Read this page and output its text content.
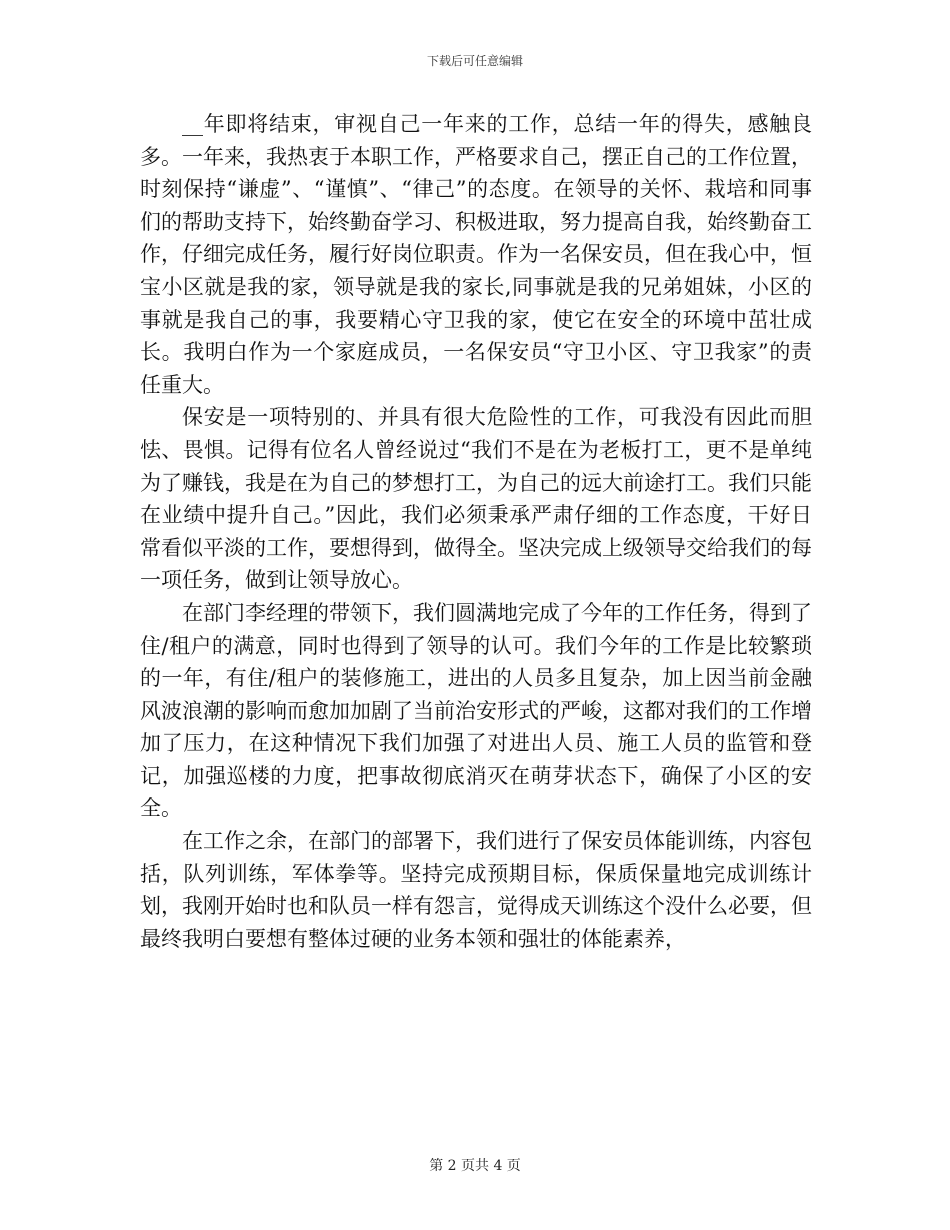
下载后可任意编辑

__年即将结束，审视自己一年来的工作，总结一年的得失，感触良多。一年来，我热衷于本职工作，严格要求自己，摆正自己的工作位置，时刻保持“谦虚”、“谨慎”、“律己”的态度。在领导的关怀、栽培和同事们的帮助支持下，始终勤奋学习、积极进取，努力提高自我，始终勤奋工作，仔细完成任务，履行好岗位职责。作为一名保安员，但在我心中，恒宝小区就是我的家，领导就是我的家长,同事就是我的兄弟姐妹，小区的事就是我自己的事，我要精心守卫我的家，使它在安全的环境中茁壮成长。我明白作为一个家庭成员，一名保安员“守卫小区、守卫我家”的责任重大。

保安是一项特别的、并具有很大危险性的工作，可我没有因此而胆怯、畏惧。记得有位名人曾经说过“我们不是在为老板打工，更不是单纯为了赚钱，我是在为自己的梦想打工，为自己的远大前途打工。我们只能在业绩中提升自己。”因此，我们必须秉承严肃仔细的工作态度，干好日常看似平淡的工作，要想得到，做得全。坚决完成上级领导交给我们的每一项任务，做到让领导放心。

在部门李经理的带领下，我们圆满地完成了今年的工作任务，得到了住/租户的满意，同时也得到了领导的认可。我们今年的工作是比较繁琐的一年，有住/租户的装修施工，进出的人员多且复杂，加上因当前金融风波浪潮的影响而愈加加剧了当前治安形式的严峻，这都对我们的工作增加了压力，在这种情况下我们加强了对进出人员、施工人员的监管和登记，加强巡楼的力度，把事故彻底消灭在萌芽状态下，确保了小区的安全。

在工作之余，在部门的部署下，我们进行了保安员体能训练，内容包括，队列训练，军体拳等。坚持完成预期目标，保质保量地完成训练计划，我刚开始时也和队员一样有怨言，觉得成天训练这个没什么必要，但最终我明白要想有整体过硬的业务本领和强壮的体能素养，

第 2 页共 4 页
